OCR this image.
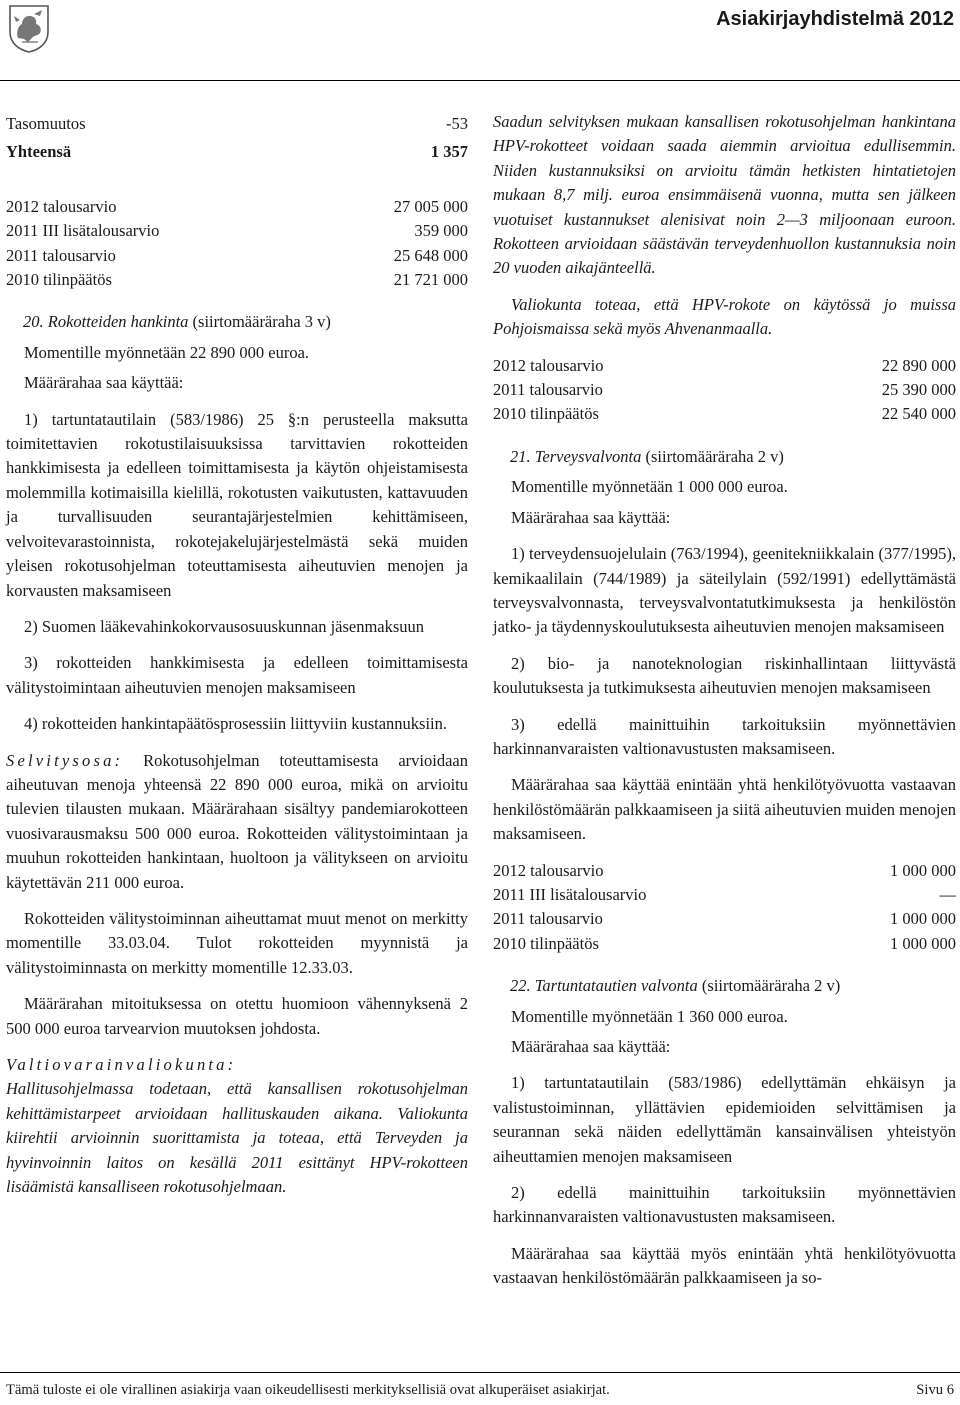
Asiakirjayhdistelmä 2012
Tasomuutos	-53
Yhteensä	1 357
2012 talousarvio	27 005 000
2011 III lisätalousarvio	359 000
2011 talousarvio	25 648 000
2010 tilinpäätös	21 721 000

20. Rokotteiden hankinta (siirtomääräraha 3 v)

Momentille myönnetään 22 890 000 euroa.

Määrärahaa saa käyttää:

1) tartuntatautilain (583/1986) 25 §:n perusteella maksutta toimitettavien rokotustilaisuuksissa tarvittavien rokotteiden hankkimisesta ja edelleen toimittamisesta ja käytön ohjeistamisesta molemmilla kotimaisilla kielillä, rokotusten vaikutusten, kattavuuden ja turvallisuuden seurantajärjestelmien kehittämiseen, velvoitevarastoinnista, rokotejakelujärjestelmästä sekä muiden yleisen rokotusohjelman toteuttamisesta aiheutuvien menojen ja korvausten maksamiseen

2) Suomen lääkevahinkokorvausosuuskunnan jäsenmaksuun

3) rokotteiden hankkimisesta ja edelleen toimittamisesta välitystoimintaan aiheutuvien menojen maksamiseen

4) rokotteiden hankintapäätösprosessiin liittyviin kustannuksiin.

Selvitysosa: Rokotusohjelman toteuttamisesta arvioidaan aiheutuvan menoja yhteensä 22 890 000 euroa, mikä on arvioitu tulevien tilausten mukaan. Määrärahaan sisältyy pandemiarokotteen vuosivarausmaksu 500 000 euroa. Rokotteiden välitystoimintaan ja muuhun rokotteiden hankintaan, huoltoon ja välitykseen on arvioitu käytettävän 211 000 euroa.

Rokotteiden välitystoiminnan aiheuttamat muut menot on merkitty momentille 33.03.04. Tulot rokotteiden myynnistä ja välitystoiminnasta on merkitty momentille 12.33.03.

Määrärahan mitoituksessa on otettu huomioon vähennyksenä 2 500 000 euroa tarvearvion muutoksen johdosta.

Valtiovarainvaliokunta:

Hallitusohjelmassa todetaan, että kansallisen rokotusohjelman kehittämistarpeet arvioidaan hallituskauden aikana. Valiokunta kiirehtii arvioinnin suorittamista ja toteaa, että Terveyden ja hyvinvoinnin laitos on kesällä 2011 esittänyt HPV-rokotteen lisäämistä kansalliseen rokotusohjelmaan.

Saadun selvityksen mukaan kansallisen rokotusohjelman hankintana HPV-rokotteet voidaan saada aiemmin arvioitua edullisemmin. Niiden kustannuksiksi on arvioitu tämän hetkisten hintatietojen mukaan 8,7 milj. euroa ensimmäisenä vuonna, mutta sen jälkeen vuotuiset kustannukset alenisivat noin 2—3 miljoonaan euroon. Rokotteen arvioidaan säästävän terveydenhuollon kustannuksia noin 20 vuoden aikajänteellä.

Valiokunta toteaa, että HPV-rokote on käytössä jo muissa Pohjoismaissa sekä myös Ahvenanmaalla.

2012 talousarvio	22 890 000
2011 talousarvio	25 390 000
2010 tilinpäätös	22 540 000

21. Terveysvalvonta (siirtomääräraha 2 v)

Momentille myönnetään 1 000 000 euroa.

Määrärahaa saa käyttää:

1) terveydensuojelulain (763/1994), geenitekniikkalain (377/1995), kemikaalilain (744/1989) ja säteilylain (592/1991) edellyttämästä terveysvalvonnasta, terveysvalvontatutkimuksesta ja henkilöstön jatko- ja täydennyskoulutuksesta aiheutuvien menojen maksamiseen

2) bio- ja nanoteknologian riskinhallintaan liittyvästä koulutuksesta ja tutkimuksesta aiheutuvien menojen maksamiseen

3) edellä mainittuihin tarkoituksiin myönnettävien harkinnanvaraisten valtionavustusten maksamiseen.

Määrärahaa saa käyttää enintään yhtä henkilötyövuotta vastaavan henkilöstömäärän palkkaamiseen ja siitä aiheutuvien muiden menojen maksamiseen.

2012 talousarvio	1 000 000
2011 III lisätalousarvio	—
2011 talousarvio	1 000 000
2010 tilinpäätös	1 000 000

22. Tartuntatautien valvonta (siirtomääräraha 2 v)

Momentille myönnetään 1 360 000 euroa.

Määrärahaa saa käyttää:

1) tartuntatautilain (583/1986) edellyttämän ehkäisyn ja valistustoiminnan, yllättävien epidemioiden selvittämisen ja seurannan sekä näiden edellyttämän kansainvälisen yhteistyön aiheuttamien menojen maksamiseen

2) edellä mainittuihin tarkoituksiin myönnettävien harkinnanvaraisten valtionavustusten maksamiseen.

Määrärahaa saa käyttää myös enintään yhtä henkilötyövuotta vastaavan henkilöstömäärän palkkaamiseen ja so-

Tämä tuloste ei ole virallinen asiakirja vaan oikeudellisesti merkityksellisiä ovat alkuperäiset asiakirjat.	Sivu 6
